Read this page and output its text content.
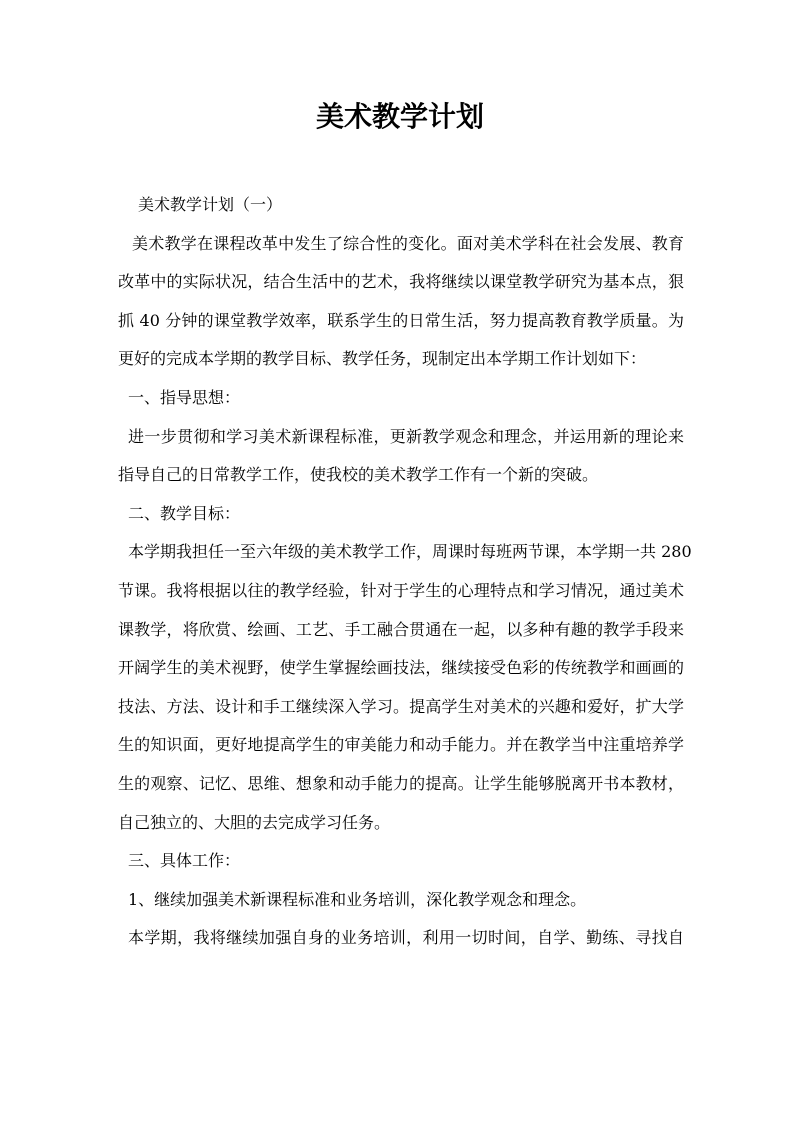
美术教学计划
美术教学计划（一）
美术教学在课程改革中发生了综合性的变化。面对美术学科在社会发展、教育
改革中的实际状况，结合生活中的艺术，我将继续以课堂教学研究为基本点，狠
抓 40 分钟的课堂教学效率，联系学生的日常生活，努力提高教育教学质量。为
更好的完成本学期的教学目标、教学任务，现制定出本学期工作计划如下：
一、指导思想：
进一步贯彻和学习美术新课程标准，更新教学观念和理念，并运用新的理论来
指导自己的日常教学工作，使我校的美术教学工作有一个新的突破。
二、教学目标：
本学期我担任一至六年级的美术教学工作，周课时每班两节课，本学期一共 280
节课。我将根据以往的教学经验，针对于学生的心理特点和学习情况，通过美术
课教学，将欣赏、绘画、工艺、手工融合贯通在一起，以多种有趣的教学手段来
开阔学生的美术视野，使学生掌握绘画技法，继续接受色彩的传统教学和画画的
技法、方法、设计和手工继续深入学习。提高学生对美术的兴趣和爱好，扩大学
生的知识面，更好地提高学生的审美能力和动手能力。并在教学当中注重培养学
生的观察、记忆、思维、想象和动手能力的提高。让学生能够脱离开书本教材，
自己独立的、大胆的去完成学习任务。
三、具体工作：
1、继续加强美术新课程标准和业务培训，深化教学观念和理念。
本学期，我将继续加强自身的业务培训，利用一切时间，自学、勤练、寻找自
